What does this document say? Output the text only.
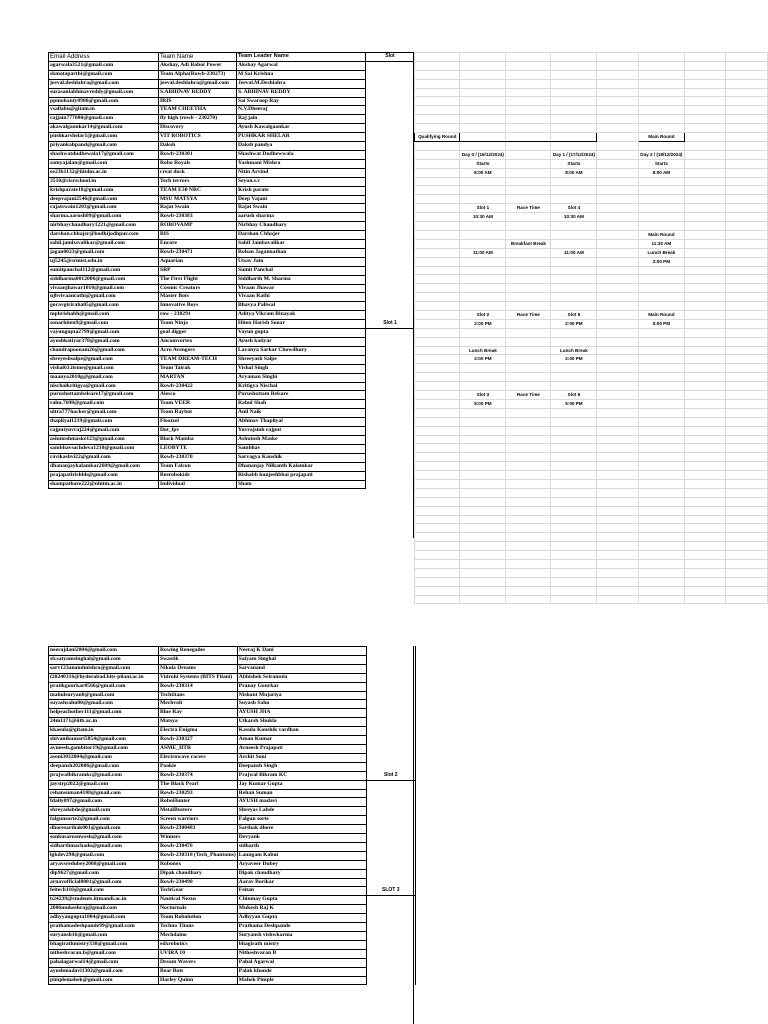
Email Address	Team Name	Team Leader Name	Slot
agarwala3521@gmail.com	Akshay, Adi Robot Power	Akshay Agarwal	
skmotaparthi@gmail.com	Team Alpha(Rowb-230273)	M Sai Krishna	
jeeval.deshlahra@gmail.com	jeeval.deshlahra@gmail.com	Jeeval.M.Deshlahra	
surasaniabhinavreddy@gmail.com	S.ABHINAV REDDY	S. ABHINAV REDDY	
ppmohanty0980@gmail.com	IRIS	Sai Swaroop Ray	
vsallabu@gitam.in	TEAM CHEETHA	N.V.Dheeraj	
rajjain777080@gmail.com	fly high (rowb - 230270)	Raj jain	
akawalgaonkar14@gmail.com	Discovery	Ayush Kawalgaonkar	
pushkarshelar1@gmail.com	VIT ROBOTICS	PUSHKAR SHELAR	
priyankahpand@gmail.com	Daksh	Daksh pandya	
shashwatdudhewala17@gmail.com	Rowb-230301	Shashwat Dudhewwala	
samyajalan@gmail.com	Robo Royals	Yashmani Mishra	
ee23b1132@iiitdm.ac.in	creat dock	Nitin Arvind	
3510@cisrschool.in	Tech terrors	Seyon.s.v	
krishparate18@gmail.com	TEAM E30 NRC	Krish parate	
deepvajani2546@gmail.com	MSU MATSYA	Deep Vajani	
rajatswain1203@gmail.com	Rajat Swain	Rajat Swain	
sharma.aarush09@gmail.com	Rowb-230383	aarush sharma	
nirbhaychaudhary1221@gmail.com	ROBOVAMP	Nirbhay Chaudhary	
darshan.chhajer@bodhijodhpur.com	BIS	Darshan Chhajer	
sahil.jambavalikar@gmail.com	Encore	Sahil Jambavalikar	
jagan0023@gmail.com	Rowb-230471	Rohan Jagannathan	
uj5245@srmist.edu.in	Aquarian	Utsav Jain	
sumitpanchal112@gmail.com	SRP	Sumit Panchal	
siddharma0012006@gmail.com	The First Flight	Siddharth M. Sharma	
vivaanjhawar1010@gmail.com	Cosmic Creators	Vivaan Jhawar	
ujbvivaanrathi@gmail.com	Master Bots	Vivaan Rathi	
goravgiriraha05@gmail.com	Innovative Boys	Bhavya Paliwal	
mphrishabh@gmail.com	row - 230291	Aditya Vikram Binayak	
sonarhiten9@gmail.com	Team Ninja	Hiten Harish Sonar	Slot 1
vayungupta2799@gmail.com	goal digger	Vayun gupta	
ayushkatiyar378@gmail.com	Ancomvortex	Ayush katiyar	
chandrapoonam26@gmail.com	Acro Avengers	Lavanya Sarkar Chowdhury	
shreyeshsalpe@gmail.com	TEAM DREAM-TECH	Shreeyash Salpe	
vishal63.itsme@gmail.com	Team Tairak	Vishal Singh	
maanya2010g@gmail.com	MARTAN	Aryaman Singhi	
nischalkritigya@gmail.com	Rowb-230422	Kritigya Nischal	
purushottambelsare17@gmail.com	Alesco	Purushottam Belsare	
rahu.7698@gmail.com	Team VEER	Rahul Shah	
ultra777hacker@gmail.com	Team Raybot	Anil Naik	
thapliyal1219@gmail.com	Floatzel	Abhinav Thapliyal	
rajputyuvraj224@gmail.com	Dot_fpv	Yuvrajsinh rajput	
ashutoshmaske123@gmail.com	Black Mamba	Ashutosh Maske	
sambhavsachdeva1210@gmail.com	LEOBYTE	Sambhav	
ravikashvi22@gmail.com	Rowb-230370	Sarvagya Kaushik	
dhananjaykalamkar2609@gmail.com	Team Falcon	Dhananjay Nilkanth Kalamkar	
prajapatirishbh@gmail.com	Beerobokids	Rishabh kunjeshbhai prajapati	
shampathare222@nhitm.ac.in	Individual	Sham	
neerajdani2004@gmail.com	Rowing Renegades	Neeraj K Dani	
sfcsatyamsinghal@gmail.com	Swastik	Saiyam Singhal	
sarv123anandmishra@gmail.com	Nikola Dreams	Sarvanand	
f20240316@hyderabad.bits-pilani.ac.in	Vidrohi Systems (BITS Pilani)	Abhishek Sriramula	
pratikgourkar0566@gmail.com	Rowb-230314	Pranay Gourkar	
mahulsuryan0@gmail.com	Techtitans	Nishant Mujariya	
suyashsahu00@gmail.com	Mechvolt	Suyash Sahu	
helpeachother111@gmail.com	Blue Ray	AYUSH JHA	
24m1171@iitb.ac.in	Matsya	Utkarsh Shukla	
kkasula@gitam.in	Electra Enigma	Kasula Koushik vardhan	
shivanikumari5854@gmail.com	Rowb-230327	Aman Kumar	
avneesh.gambitor19@gmail.com	ASME_IITR	Avneesh Prajapati	
asoni3032004@gmail.com	Electrowave racers	Archit Soni	
deepansh202006@gmail.com	Pookie	Deepansh Singh	
prajwalbikramkc@gmail.com	Rowb-230374	Prajwal Bikram KC	Slot 2
jaystrp2022@gmail.com	The Black Pearl	Jay Kumar Gupta	
rehansuman4108@gmail.com	Rowb-230293	Rehan Suman	
fdaily097@gmail.com	RoboHunter	AYUSH madavi	
shreyadabde@gmail.com	MetalBusters	Shreyas Labde	
falgunsorte2@gmail.com	Screen warriors	Falgun sorte	
dhoresarthak001@gmail.com	Rowb-2300483	Sarthak dhore	
sonkusareanwesh@gmail.com	Winners	Devyank	
sidharthmachado@gmail.com	Rowb-230476	sidharth	
lgkdev298@gmail.com	Rowb-230318 (Tech_Phantoms)	Laungam Kabui	
aryavsredubey2008@gmail.com	Robonex	Aryaveer Dubey	
dip9627@gmail.com	Dipak chaudhary	Dipak chaudhary	
arnavofficial0001@gmail.com	Rowb-230490	Aarav Borikar	
feitech116@gmail.com	TechGear	Feitan	SLOT 3
b24239@students.iitmandi.ac.in	Nautical Nexus	Chinmay Gupta	
2006mukeshraj@gmail.com	Nocturnals	Mukesh Raj K	
adhyyangupta1804@gmail.com	Team Robolution	Adhyyan Gupta	
prathamadeshpande99@gmail.com	Techno Titans	Prathama Deshpande	
suryansh16@gmail.com	Mechdaino	Suryansh vishwkarma	
bhagirathmistry338@gmail.com	edxrobotics	bhagirath mistry	
nitheshvaran.b@gmail.com	UVIRA 10	Nitheshvaran B	
pahalagarwal14@gmail.com	Dream Wavers	Pahal Agarwal	
ayushmadavi1302@gmail.com	Bear Bots	Palak khonde	
pimplemahek@gmail.com	Harley Quinn	Mahek Pimple	

Qualifying Round					Main Round		

	Day 0 / (16/12/2024)		Day 1 / (17/12/2024)		Day 2 / (18/12/2024)		
	Starts		Starts		Starts		
	8:00 AM		8:00 AM		8:00 AM		

	Slot 1	Race Time	Slot 4				
	10:30 AM		10:30 AM				

					Main Round		
		Breakfast Break			11:30 AM		
	11:00 AM		11:00 AM		Lunch Break		
					2:00 PM		

	Slot 2	Race Time	Slot 5		Main Round		
	2:00 PM		2:00 PM		5:00 PM		

	Lunch Break		Lunch Break				
	2:00 PM		2:00 PM				

	Slot 3	Race Time	Slot 6				
	5:00 PM		5:00 PM				
